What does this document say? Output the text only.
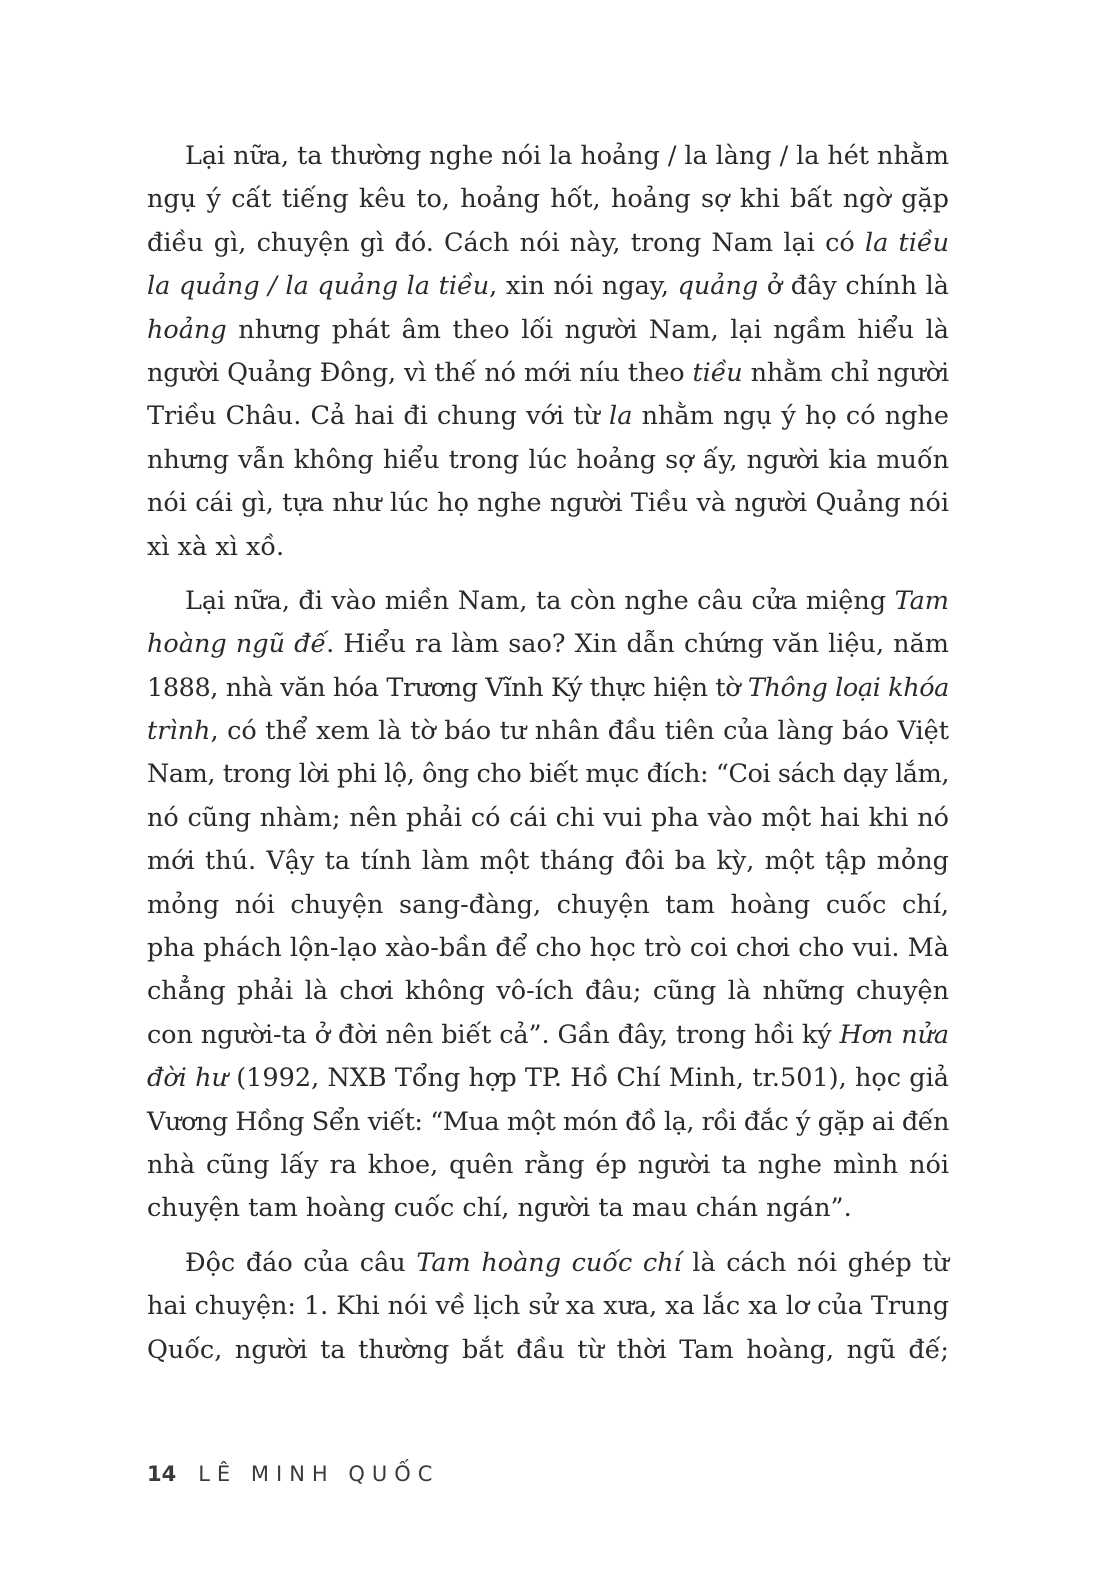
Lại nữa, ta thường nghe nói la hoảng / la làng / la hét nhằm
ngụ ý cất tiếng kêu to, hoảng hốt, hoảng sợ khi bất ngờ gặp
điều gì, chuyện gì đó. Cách nói này, trong Nam lại có la tiều
la quảng / la quảng la tiều, xin nói ngay, quảng ở đây chính là
hoảng nhưng phát âm theo lối người Nam, lại ngầm hiểu là
người Quảng Đông, vì thế nó mới níu theo tiều nhằm chỉ người
Triều Châu. Cả hai đi chung với từ la nhằm ngụ ý họ có nghe
nhưng vẫn không hiểu trong lúc hoảng sợ ấy, người kia muốn
nói cái gì, tựa như lúc họ nghe người Tiều và người Quảng nói
xì xà xì xồ.
Lại nữa, đi vào miền Nam, ta còn nghe câu cửa miệng Tam
hoàng ngũ đế. Hiểu ra làm sao? Xin dẫn chứng văn liệu, năm
1888, nhà văn hóa Trương Vĩnh Ký thực hiện tờ Thông loại khóa
trình, có thể xem là tờ báo tư nhân đầu tiên của làng báo Việt
Nam, trong lời phi lộ, ông cho biết mục đích: “Coi sách dạy lắm,
nó cũng nhàm; nên phải có cái chi vui pha vào một hai khi nó
mới thú. Vậy ta tính làm một tháng đôi ba kỳ, một tập mỏng
mỏng nói chuyện sang-đàng, chuyện tam hoàng cuốc chí,
pha phách lộn-lạo xào-bần để cho học trò coi chơi cho vui. Mà
chẳng phải là chơi không vô-ích đâu; cũng là những chuyện
con người-ta ở đời nên biết cả”. Gần đây, trong hồi ký Hơn nửa
đời hư (1992, NXB Tổng hợp TP. Hồ Chí Minh, tr.501), học giả
Vương Hồng Sển viết: “Mua một món đồ lạ, rồi đắc ý gặp ai đến
nhà cũng lấy ra khoe, quên rằng ép người ta nghe mình nói
chuyện tam hoàng cuốc chí, người ta mau chán ngán”.
Độc đáo của câu Tam hoàng cuốc chí là cách nói ghép từ
hai chuyện: 1. Khi nói về lịch sử xa xưa, xa lắc xa lơ của Trung
Quốc, người ta thường bắt đầu từ thời Tam hoàng, ngũ đế;
14 LÊ MINH QUỐC
